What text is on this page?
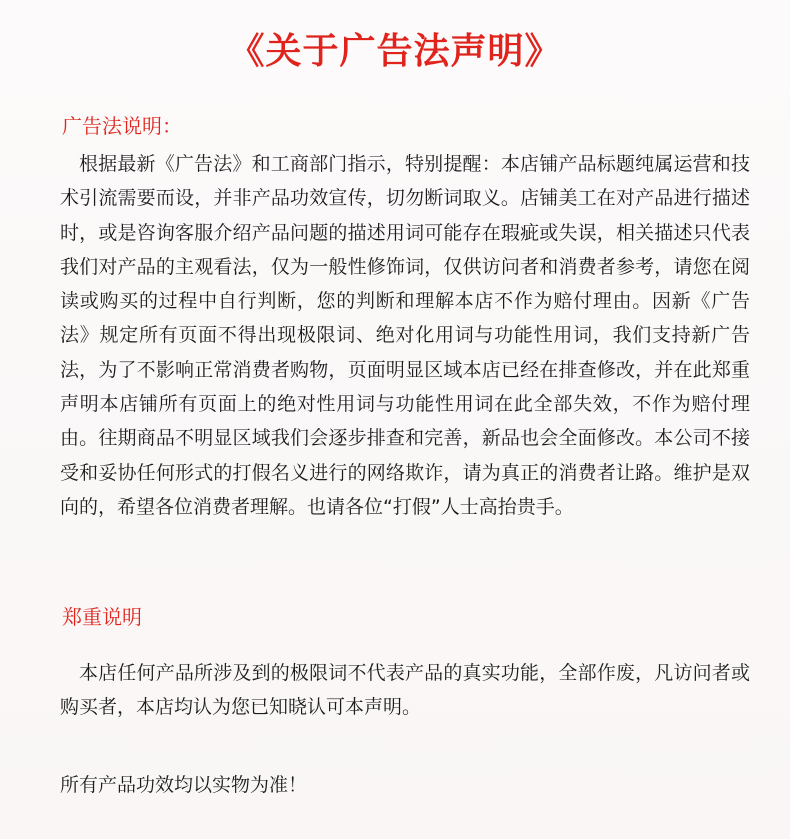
《关于广告法声明》
广告法说明：
根据最新《广告法》和工商部门指示，特别提醒：本店铺产品标题纯属运营和技术引流需要而设，并非产品功效宣传，切勿断词取义。店铺美工在对产品进行描述时，或是咨询客服介绍产品问题的描述用词可能存在瑕疵或失误，相关描述只代表我们对产品的主观看法，仅为一般性修饰词，仅供访问者和消费者参考，请您在阅读或购买的过程中自行判断，您的判断和理解本店不作为赔付理由。因新《广告法》规定所有页面不得出现极限词、绝对化用词与功能性用词，我们支持新广告法，为了不影响正常消费者购物，页面明显区域本店已经在排查修改，并在此郑重声明本店铺所有页面上的绝对性用词与功能性用词在此全部失效，不作为赔付理由。往期商品不明显区域我们会逐步排查和完善，新品也会全面修改。本公司不接受和妥协任何形式的打假名义进行的网络欺诈，请为真正的消费者让路。维护是双向的，希望各位消费者理解。也请各位“打假”人士高抬贵手。
郑重说明
本店任何产品所涉及到的极限词不代表产品的真实功能，全部作废，凡访问者或购买者，本店均认为您已知晓认可本声明。
所有产品功效均以实物为准！
